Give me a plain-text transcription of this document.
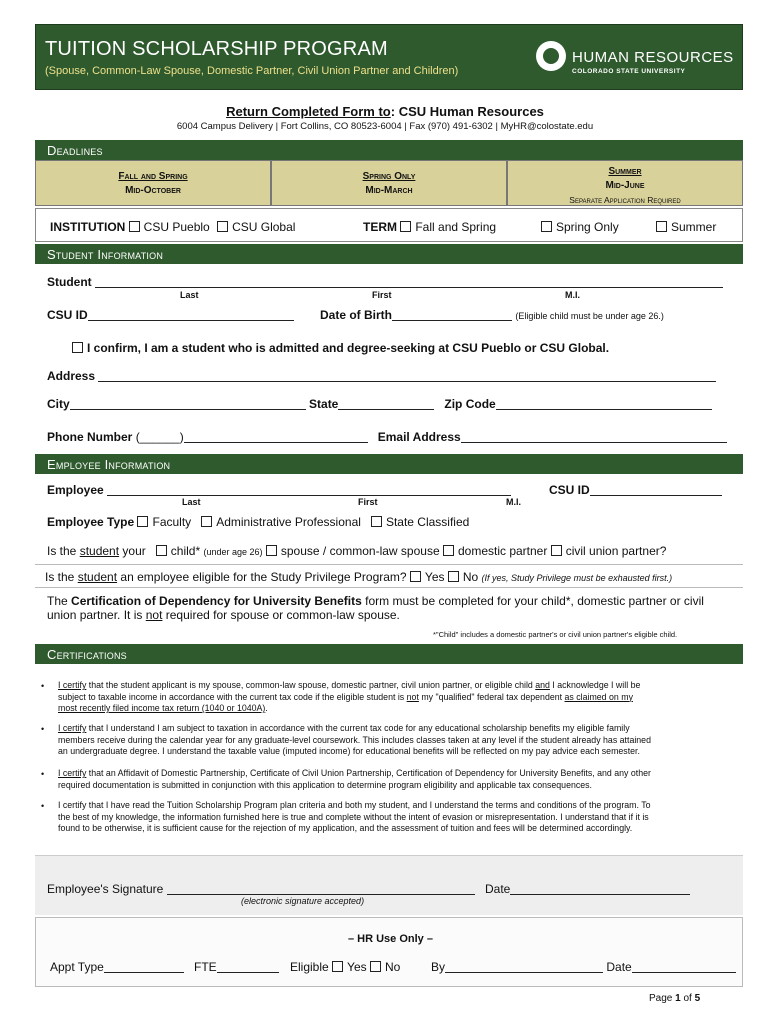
TUITION SCHOLARSHIP PROGRAM
(Spouse, Common-Law Spouse, Domestic Partner, Civil Union Partner and Children)
HUMAN RESOURCES
COLORADO STATE UNIVERSITY
Return Completed Form to: CSU Human Resources
6004 Campus Delivery | Fort Collins, CO 80523-6004 | Fax (970) 491-6302 | MyHR@colostate.edu
Deadlines
Fall and Spring
Mid-October
Spring Only
Mid-March
Summer
Mid-June
Separate Application Required
INSTITUTION CSU Pueblo CSU Global	TERM Fall and Spring	Spring Only	Summer
Student Information
Student
Last	First	M.I.
CSU ID	Date of Birth	(Eligible child must be under age 26.)
I confirm, I am a student who is admitted and degree-seeking at CSU Pueblo or CSU Global.
Address
City	State	Zip Code
Phone Number (______)	Email Address
Employee Information
Employee	CSU ID
Last	First	M.I.
Employee Type Faculty Administrative Professional State Classified
Is the student your child* (under age 26) spouse / common-law spouse domestic partner civil union partner?
Is the student an employee eligible for the Study Privilege Program? Yes No (If yes, Study Privilege must be exhausted first.)
The Certification of Dependency for University Benefits form must be completed for your child*, domestic partner or civil
union partner. It is not required for spouse or common-law spouse.
*"Child" includes a domestic partner's or civil union partner's eligible child.
Certifications
• I certify that the student applicant is my spouse, common-law spouse, domestic partner, civil union partner, or eligible child and I acknowledge I will be
subject to taxable income in accordance with the current tax code if the eligible student is not my "qualified" federal tax dependent as claimed on my
most recently filed income tax return (1040 or 1040A).
• I certify that I understand I am subject to taxation in accordance with the current tax code for any educational scholarship benefits my eligible family
members receive during the calendar year for any graduate-level coursework. This includes classes taken at any level if the student already has attained
an undergraduate degree. I understand the taxable value (imputed income) for educational benefits will be reflected on my pay advice each semester.
• I certify that an Affidavit of Domestic Partnership, Certificate of Civil Union Partnership, Certification of Dependency for University Benefits, and any other
required documentation is submitted in conjunction with this application to determine program eligibility and applicable tax consequences.
• I certify that I have read the Tuition Scholarship Program plan criteria and both my student, and I understand the terms and conditions of the program. To
the best of my knowledge, the information furnished here is true and complete without the intent of evasion or misrepresentation. I understand that if it is
found to be otherwise, it is sufficient cause for the rejection of my application, and the assessment of tuition and fees will be determined accordingly.
Employee's Signature	Date
(electronic signature accepted)
– HR Use Only –
Appt Type	FTE	Eligible Yes No	By	Date
Page 1 of 5
